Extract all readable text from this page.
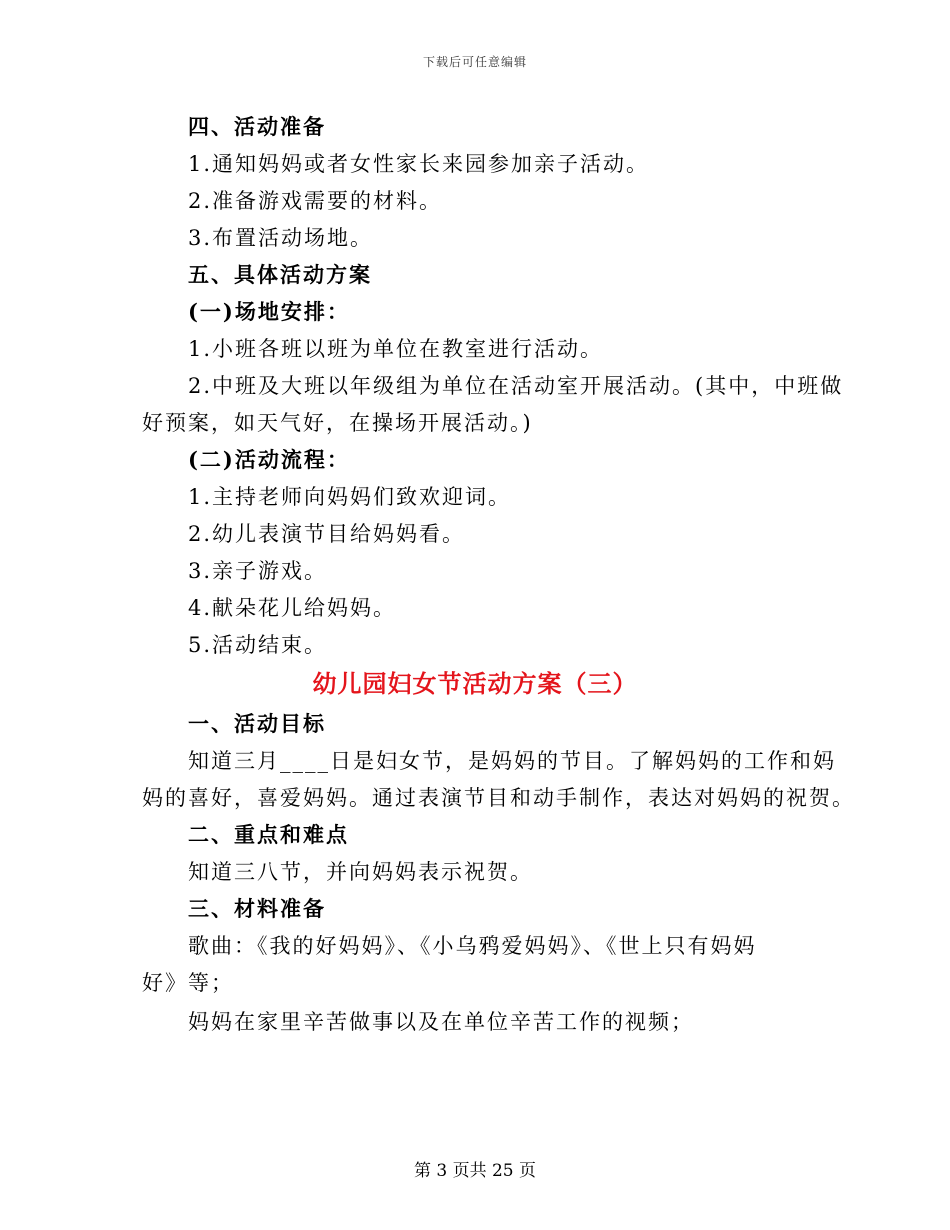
下载后可任意编辑
四、活动准备
1.通知妈妈或者女性家长来园参加亲子活动。
2.准备游戏需要的材料。
3.布置活动场地。
五、具体活动方案
(一)场地安排：
1.小班各班以班为单位在教室进行活动。
2.中班及大班以年级组为单位在活动室开展活动。(其中，中班做
好预案，如天气好，在操场开展活动。)
(二)活动流程：
1.主持老师向妈妈们致欢迎词。
2.幼儿表演节目给妈妈看。
3.亲子游戏。
4.献朵花儿给妈妈。
5.活动结束。
幼儿园妇女节活动方案（三）
一、活动目标
知道三月____日是妇女节，是妈妈的节目。了解妈妈的工作和妈
妈的喜好，喜爱妈妈。通过表演节目和动手制作，表达对妈妈的祝贺。
二、重点和难点
知道三八节，并向妈妈表示祝贺。
三、材料准备
歌曲：《我的好妈妈》、《小乌鸦爱妈妈》、《世上只有妈妈
好》等；
妈妈在家里辛苦做事以及在单位辛苦工作的视频；
第 3 页共 25 页
